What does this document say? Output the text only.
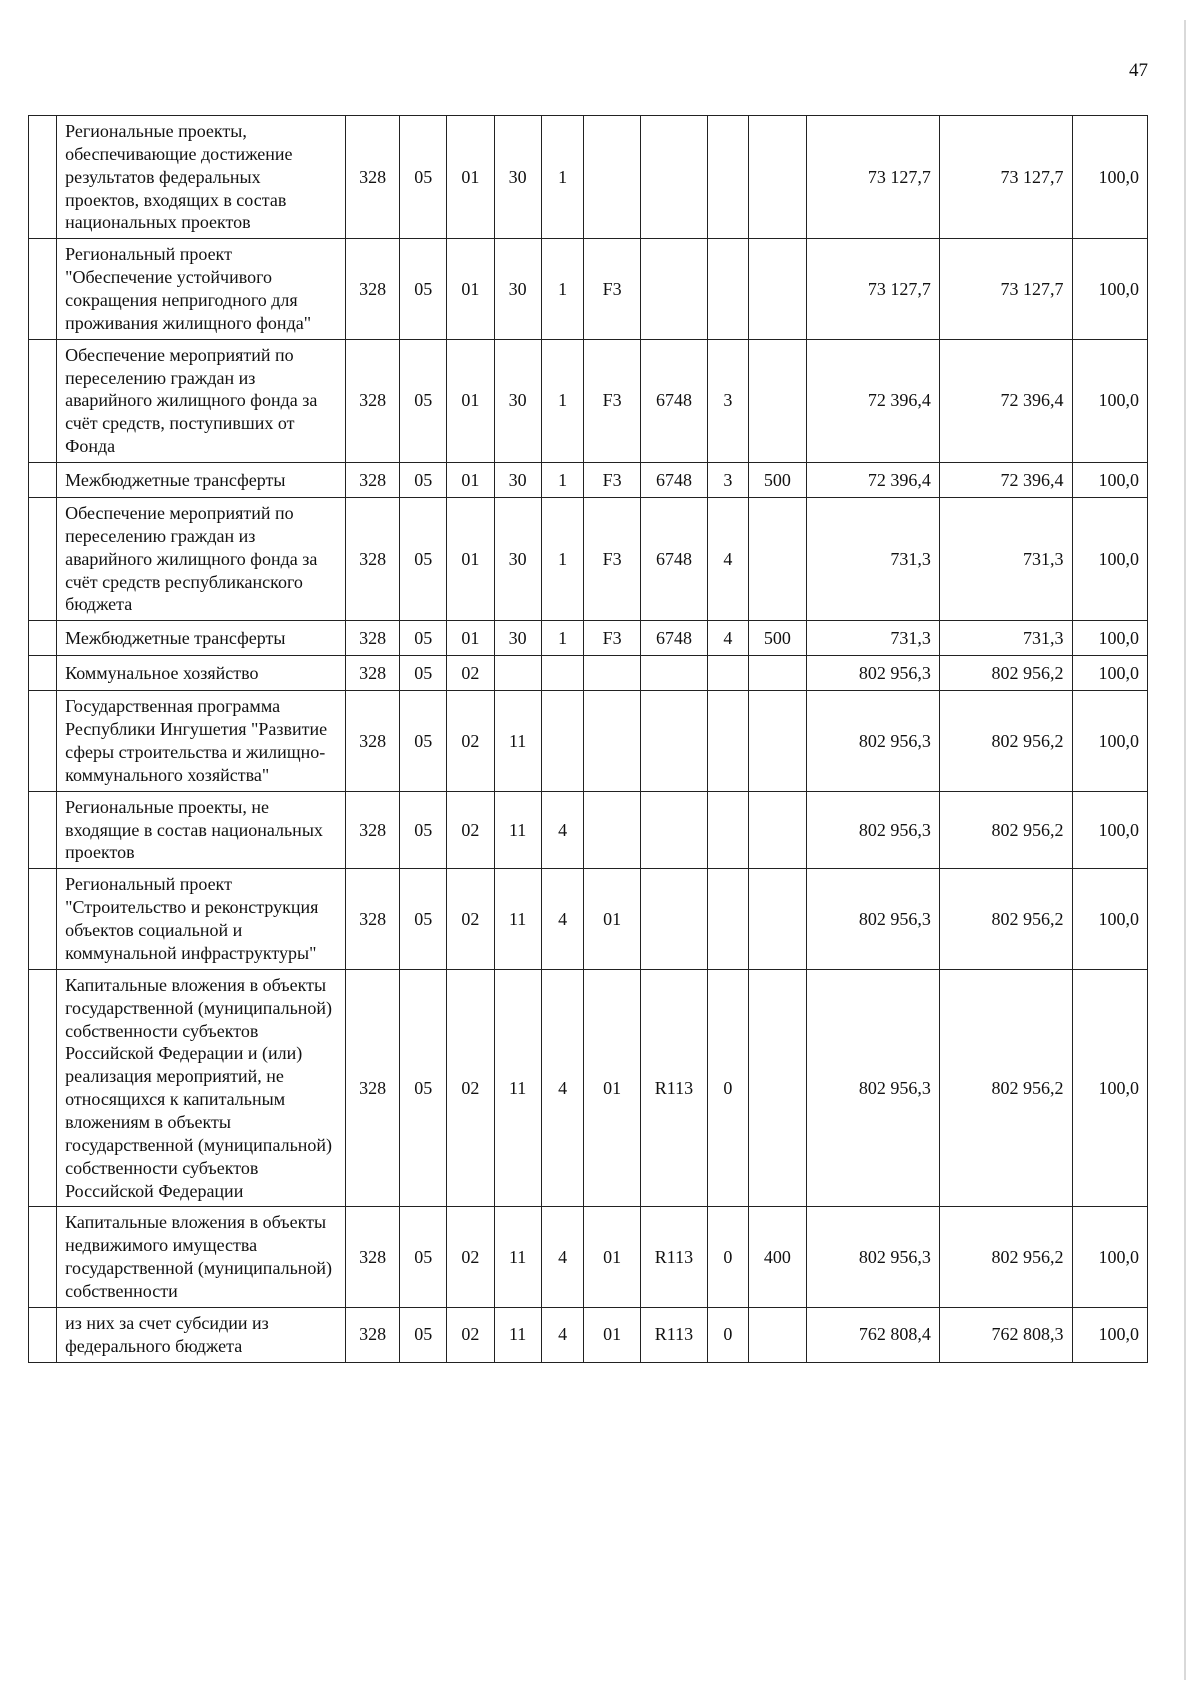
47
	Региональные проекты, обеспечивающие достижение результатов федеральных проектов, входящих в состав национальных проектов	328	05	01	30	1					73 127,7	73 127,7	100,0
	Региональный проект "Обеспечение устойчивого сокращения непригодного для проживания жилищного фонда"	328	05	01	30	1	F3				73 127,7	73 127,7	100,0
	Обеспечение мероприятий по переселению граждан из аварийного жилищного фонда за счёт средств, поступивших от Фонда	328	05	01	30	1	F3	6748	3		72 396,4	72 396,4	100,0
	Межбюджетные трансферты	328	05	01	30	1	F3	6748	3	500	72 396,4	72 396,4	100,0
	Обеспечение мероприятий по переселению граждан из аварийного жилищного фонда за счёт средств республиканского бюджета	328	05	01	30	1	F3	6748	4		731,3	731,3	100,0
	Межбюджетные трансферты	328	05	01	30	1	F3	6748	4	500	731,3	731,3	100,0
	Коммунальное хозяйство	328	05	02							802 956,3	802 956,2	100,0
	Государственная программа Республики Ингушетия "Развитие сферы строительства и жилищно-коммунального хозяйства"	328	05	02	11						802 956,3	802 956,2	100,0
	Региональные проекты, не входящие в состав национальных проектов	328	05	02	11	4					802 956,3	802 956,2	100,0
	Региональный проект "Строительство и реконструкция объектов социальной и коммунальной инфраструктуры"	328	05	02	11	4	01				802 956,3	802 956,2	100,0
	Капитальные вложения в объекты государственной (муниципальной) собственности субъектов Российской Федерации и (или) реализация мероприятий, не относящихся к капитальным вложениям в объекты государственной (муниципальной) собственности субъектов Российской Федерации	328	05	02	11	4	01	R113	0		802 956,3	802 956,2	100,0
	Капитальные вложения в объекты недвижимого имущества государственной (муниципальной) собственности	328	05	02	11	4	01	R113	0	400	802 956,3	802 956,2	100,0
	из них за счет субсидии из федерального бюджета	328	05	02	11	4	01	R113	0		762 808,4	762 808,3	100,0
